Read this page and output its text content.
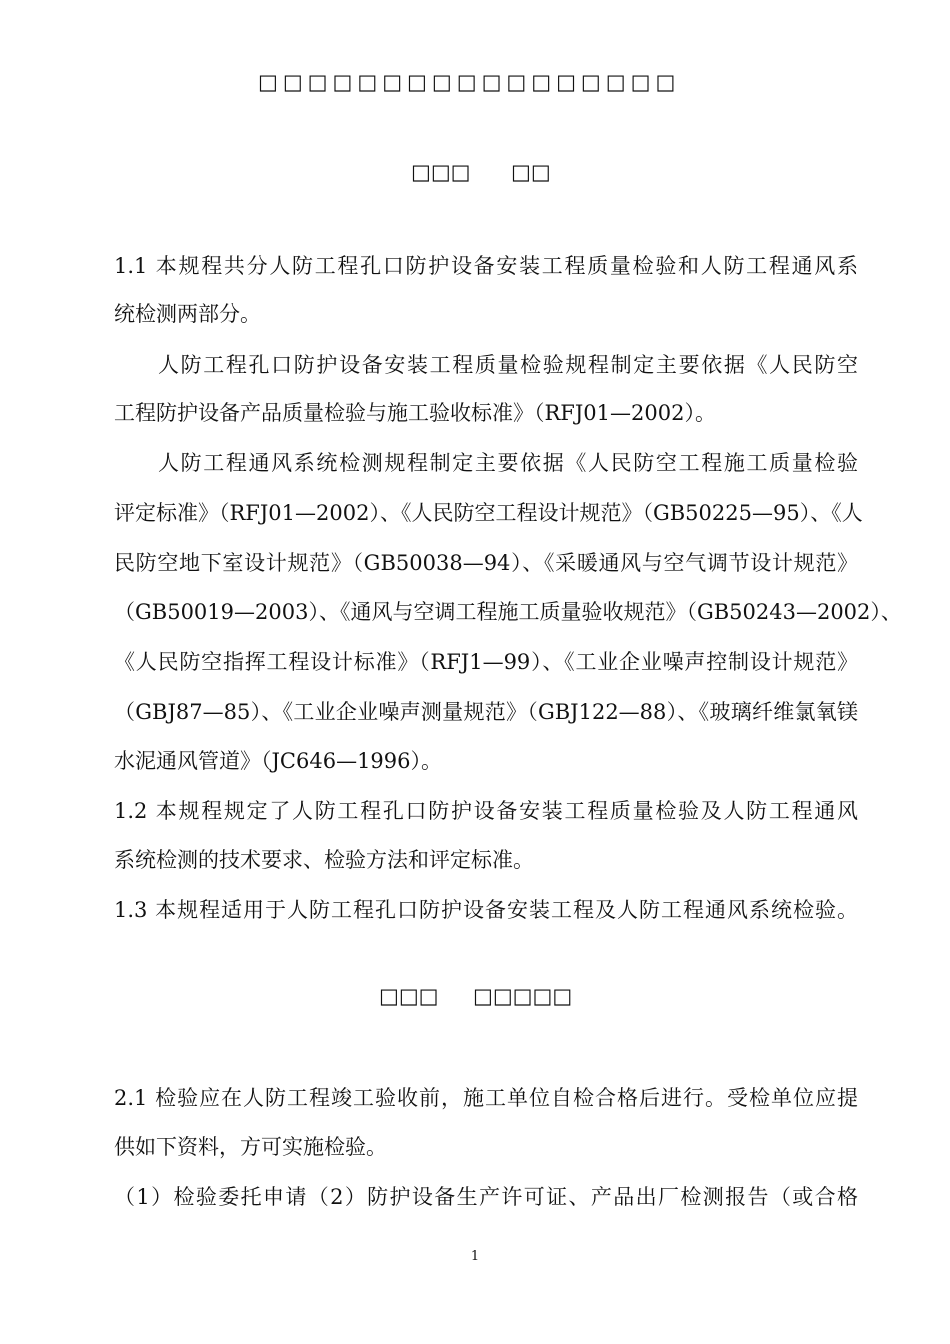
□□□□□□□□□□□□□□□□□
□□□ □□
1.1 本规程共分人防工程孔口防护设备安装工程质量检验和人防工程通风系
统检测两部分。
人防工程孔口防护设备安装工程质量检验规程制定主要依据《人民防空
工程防护设备产品质量检验与施工验收标准》（RFJ01—2002）。
人防工程通风系统检测规程制定主要依据《人民防空工程施工质量检验
评定标准》（RFJ01—2002）、《人民防空工程设计规范》（GB50225—95）、《人
民防空地下室设计规范》（GB50038—94）、《采暖通风与空气调节设计规范》
（GB50019—2003）、《通风与空调工程施工质量验收规范》（GB50243—2002）、
《人民防空指挥工程设计标准》（RFJ1—99）、《工业企业噪声控制设计规范》
（GBJ87—85）、《工业企业噪声测量规范》（GBJ122—88）、《玻璃纤维氯氧镁
水泥通风管道》（JC646—1996）。
1.2 本规程规定了人防工程孔口防护设备安装工程质量检验及人防工程通风
系统检测的技术要求、检验方法和评定标准。
1.3 本规程适用于人防工程孔口防护设备安装工程及人防工程通风系统检验。
□□□ □□□□□
2.1 检验应在人防工程竣工验收前，施工单位自检合格后进行。受检单位应提
供如下资料，方可实施检验。
（1）检验委托申请（2）防护设备生产许可证、产品出厂检测报告（或合格
1
